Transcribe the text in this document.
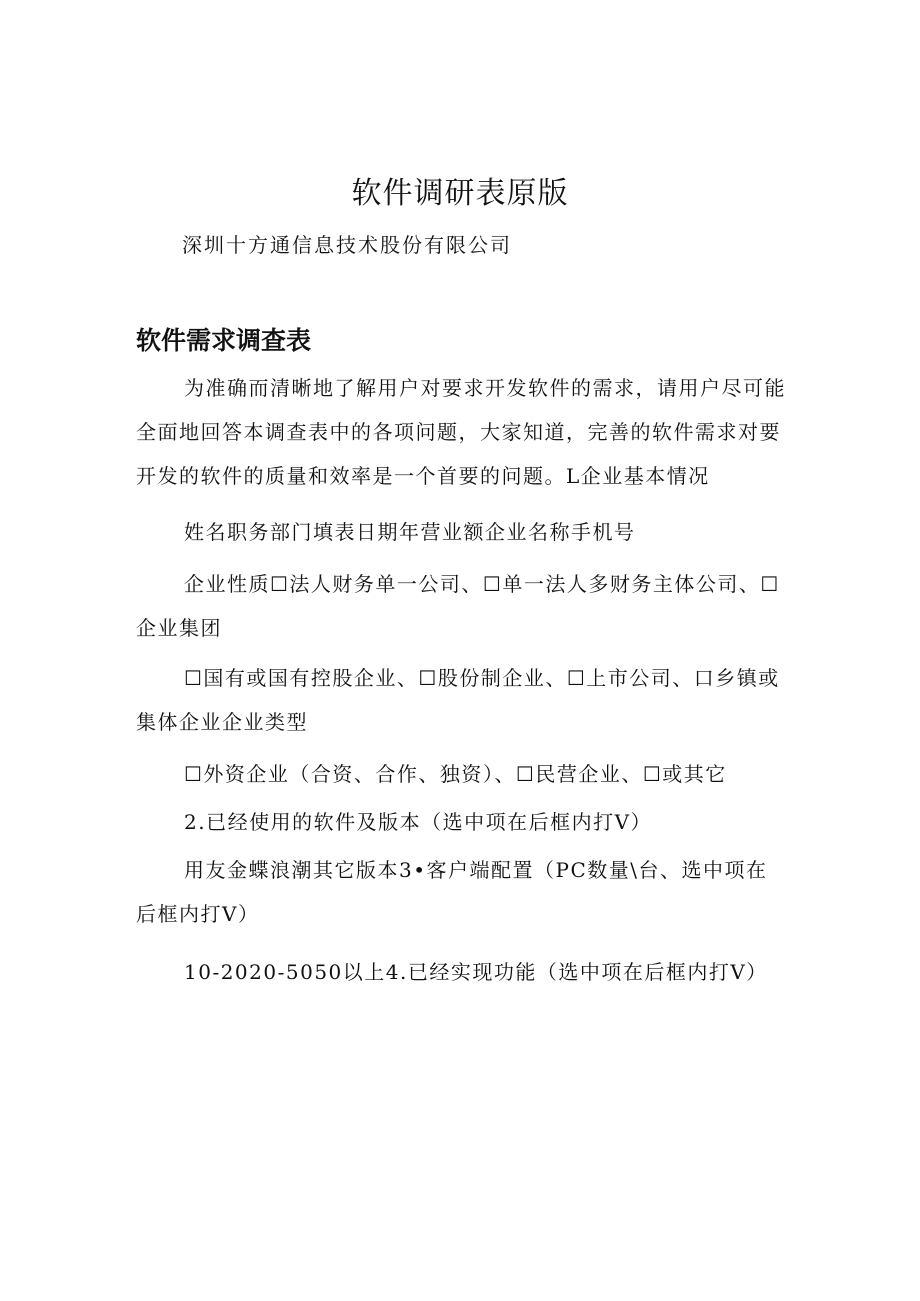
软件调研表原版

深圳十方通信息技术股份有限公司

软件需求调查表

为准确而清晰地了解用户对要求开发软件的需求，请用户尽可能全面地回答本调查表中的各项问题，大家知道，完善的软件需求对要开发的软件的质量和效率是一个首要的问题。L企业基本情况

姓名职务部门填表日期年营业额企业名称手机号

企业性质☐法人财务单一公司、☐单一法人多财务主体公司、☐企业集团

☐国有或国有控股企业、☐股份制企业、☐上市公司、口乡镇或集体企业企业类型

☐外资企业（合资、合作、独资）、☐民营企业、☐或其它

2.已经使用的软件及版本（选中项在后框内打V）

用友金蝶浪潮其它版本3•客户端配置（PC数量\台、选中项在后框内打V）

10-2020-5050以上4.已经实现功能（选中项在后框内打V）
